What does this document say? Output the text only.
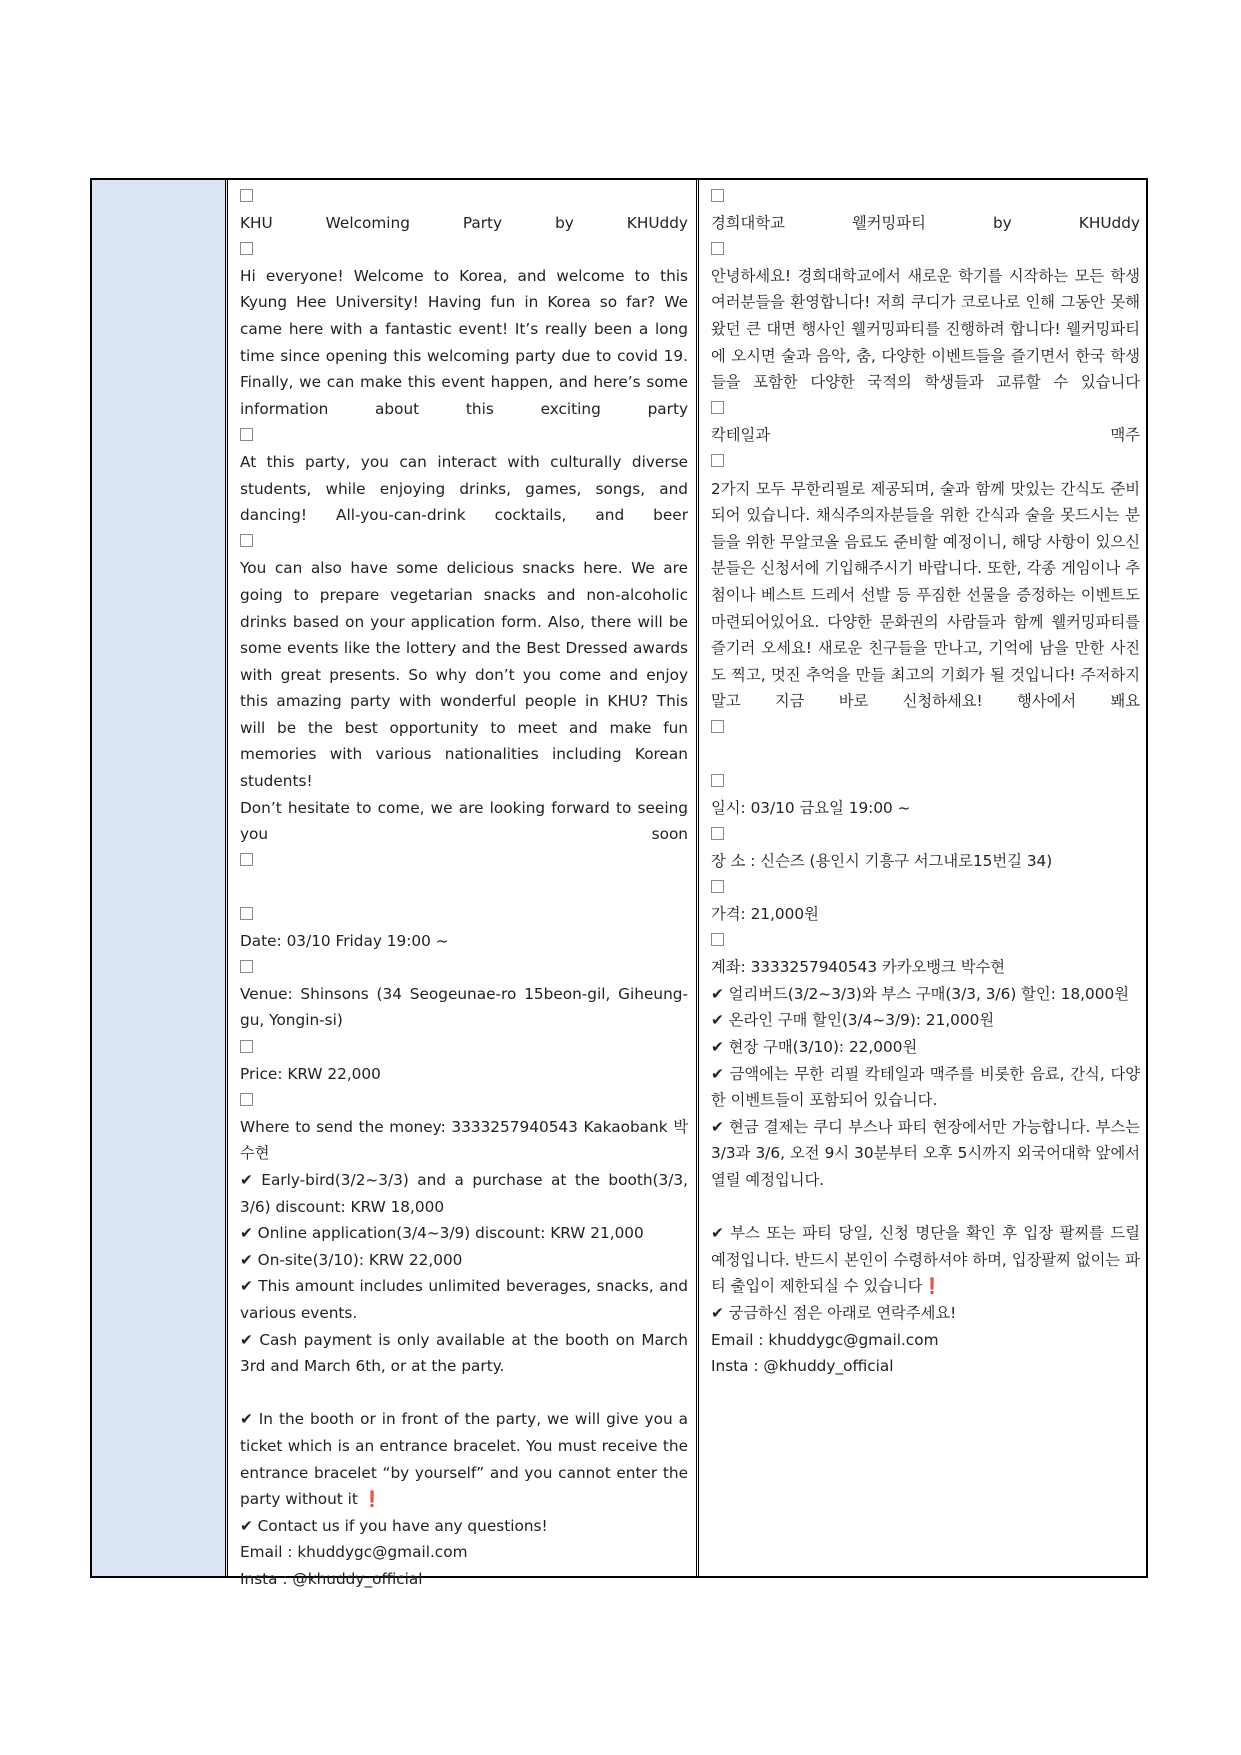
KHU Welcoming Party by KHUddy

Hi everyone! Welcome to Korea, and welcome to this Kyung Hee University! Having fun in Korea so far? We came here with a fantastic event! It’s really been a long time since opening this welcoming party due to covid 19. Finally, we can make this event happen, and here’s some information about this exciting party

At this party, you can interact with culturally diverse students, while enjoying drinks, games, songs, and dancing! All-you-can-drink cocktails, and beer

You can also have some delicious snacks here. We are going to prepare vegetarian snacks and non-alcoholic drinks based on your application form. Also, there will be some events like the lottery and the Best Dressed awards with great presents. So why don’t you come and enjoy this amazing party with wonderful people in KHU? This will be the best opportunity to meet and make fun memories with various nationalities including Korean students!

Don’t hesitate to come, we are looking forward to seeing you soon

Date: 03/10 Friday 19:00 ~

Venue: Shinsons (34 Seogeunae-ro 15beon-gil, Giheung-gu, Yongin-si)

Price: KRW 22,000

Where to send the money: 3333257940543 Kakaobank 박수현

✔ Early-bird(3/2~3/3) and a purchase at the booth(3/3, 3/6) discount: KRW 18,000

✔ Online application(3/4~3/9) discount: KRW 21,000

✔ On-site(3/10): KRW 22,000

✔ This amount includes unlimited beverages, snacks, and various events.

✔ Cash payment is only available at the booth on March 3rd and March 6th, or at the party.

✔ In the booth or in front of the party, we will give you a ticket which is an entrance bracelet. You must receive the entrance bracelet “by yourself” and you cannot enter the party without it ❗

✔ Contact us if you have any questions!

Email : khuddygc@gmail.com

Insta : @khuddy_official

경희대학교 웰커밍파티 by KHUddy

안녕하세요! 경희대학교에서 새로운 학기를 시작하는 모든 학생 여러분들을 환영합니다! 저희 쿠디가 코로나로 인해 그동안 못해왔던 큰 대면 행사인 웰커밍파티를 진행하려 합니다! 웰커밍파티에 오시면 술과 음악, 춤, 다양한 이벤트들을 즐기면서 한국 학생들을 포함한 다양한 국적의 학생들과 교류할 수 있습니다

칵테일과 맥주

2가지 모두 무한리필로 제공되며, 술과 함께 맛있는 간식도 준비되어 있습니다. 채식주의자분들을 위한 간식과 술을 못드시는 분들을 위한 무알코올 음료도 준비할 예정이니, 해당 사항이 있으신 분들은 신청서에 기입해주시기 바랍니다. 또한, 각종 게임이나 추첨이나 베스트 드레서 선발 등 푸짐한 선물을 증정하는 이벤트도 마련되어있어요. 다양한 문화권의 사람들과 함께 웰커밍파티를 즐기러 오세요! 새로운 친구들을 만나고, 기억에 남을 만한 사진도 찍고, 멋진 추억을 만들 최고의 기회가 될 것입니다! 주저하지 말고 지금 바로 신청하세요! 행사에서 봬요

일시: 03/10 금요일 19:00 ~

장 소 : 신슨즈 (용인시 기흥구 서그내로15번길 34)

가격: 21,000원

계좌: 3333257940543 카카오뱅크 박수현

✔ 얼리버드(3/2~3/3)와 부스 구매(3/3, 3/6) 할인: 18,000원

✔ 온라인 구매 할인(3/4~3/9): 21,000원

✔ 현장 구매(3/10): 22,000원

✔ 금액에는 무한 리필 칵테일과 맥주를 비롯한 음료, 간식, 다양한 이벤트들이 포함되어 있습니다.

✔ 현금 결제는 쿠디 부스나 파티 현장에서만 가능합니다. 부스는 3/3과 3/6, 오전 9시 30분부터 오후 5시까지 외국어대학 앞에서 열릴 예정입니다.

✔ 부스 또는 파티 당일, 신청 명단을 확인 후 입장 팔찌를 드릴 예정입니다. 반드시 본인이 수령하셔야 하며, 입장팔찌 없이는 파티 출입이 제한되실 수 있습니다❗

✔ 궁금하신 점은 아래로 연락주세요!

Email : khuddygc@gmail.com

Insta : @khuddy_official
